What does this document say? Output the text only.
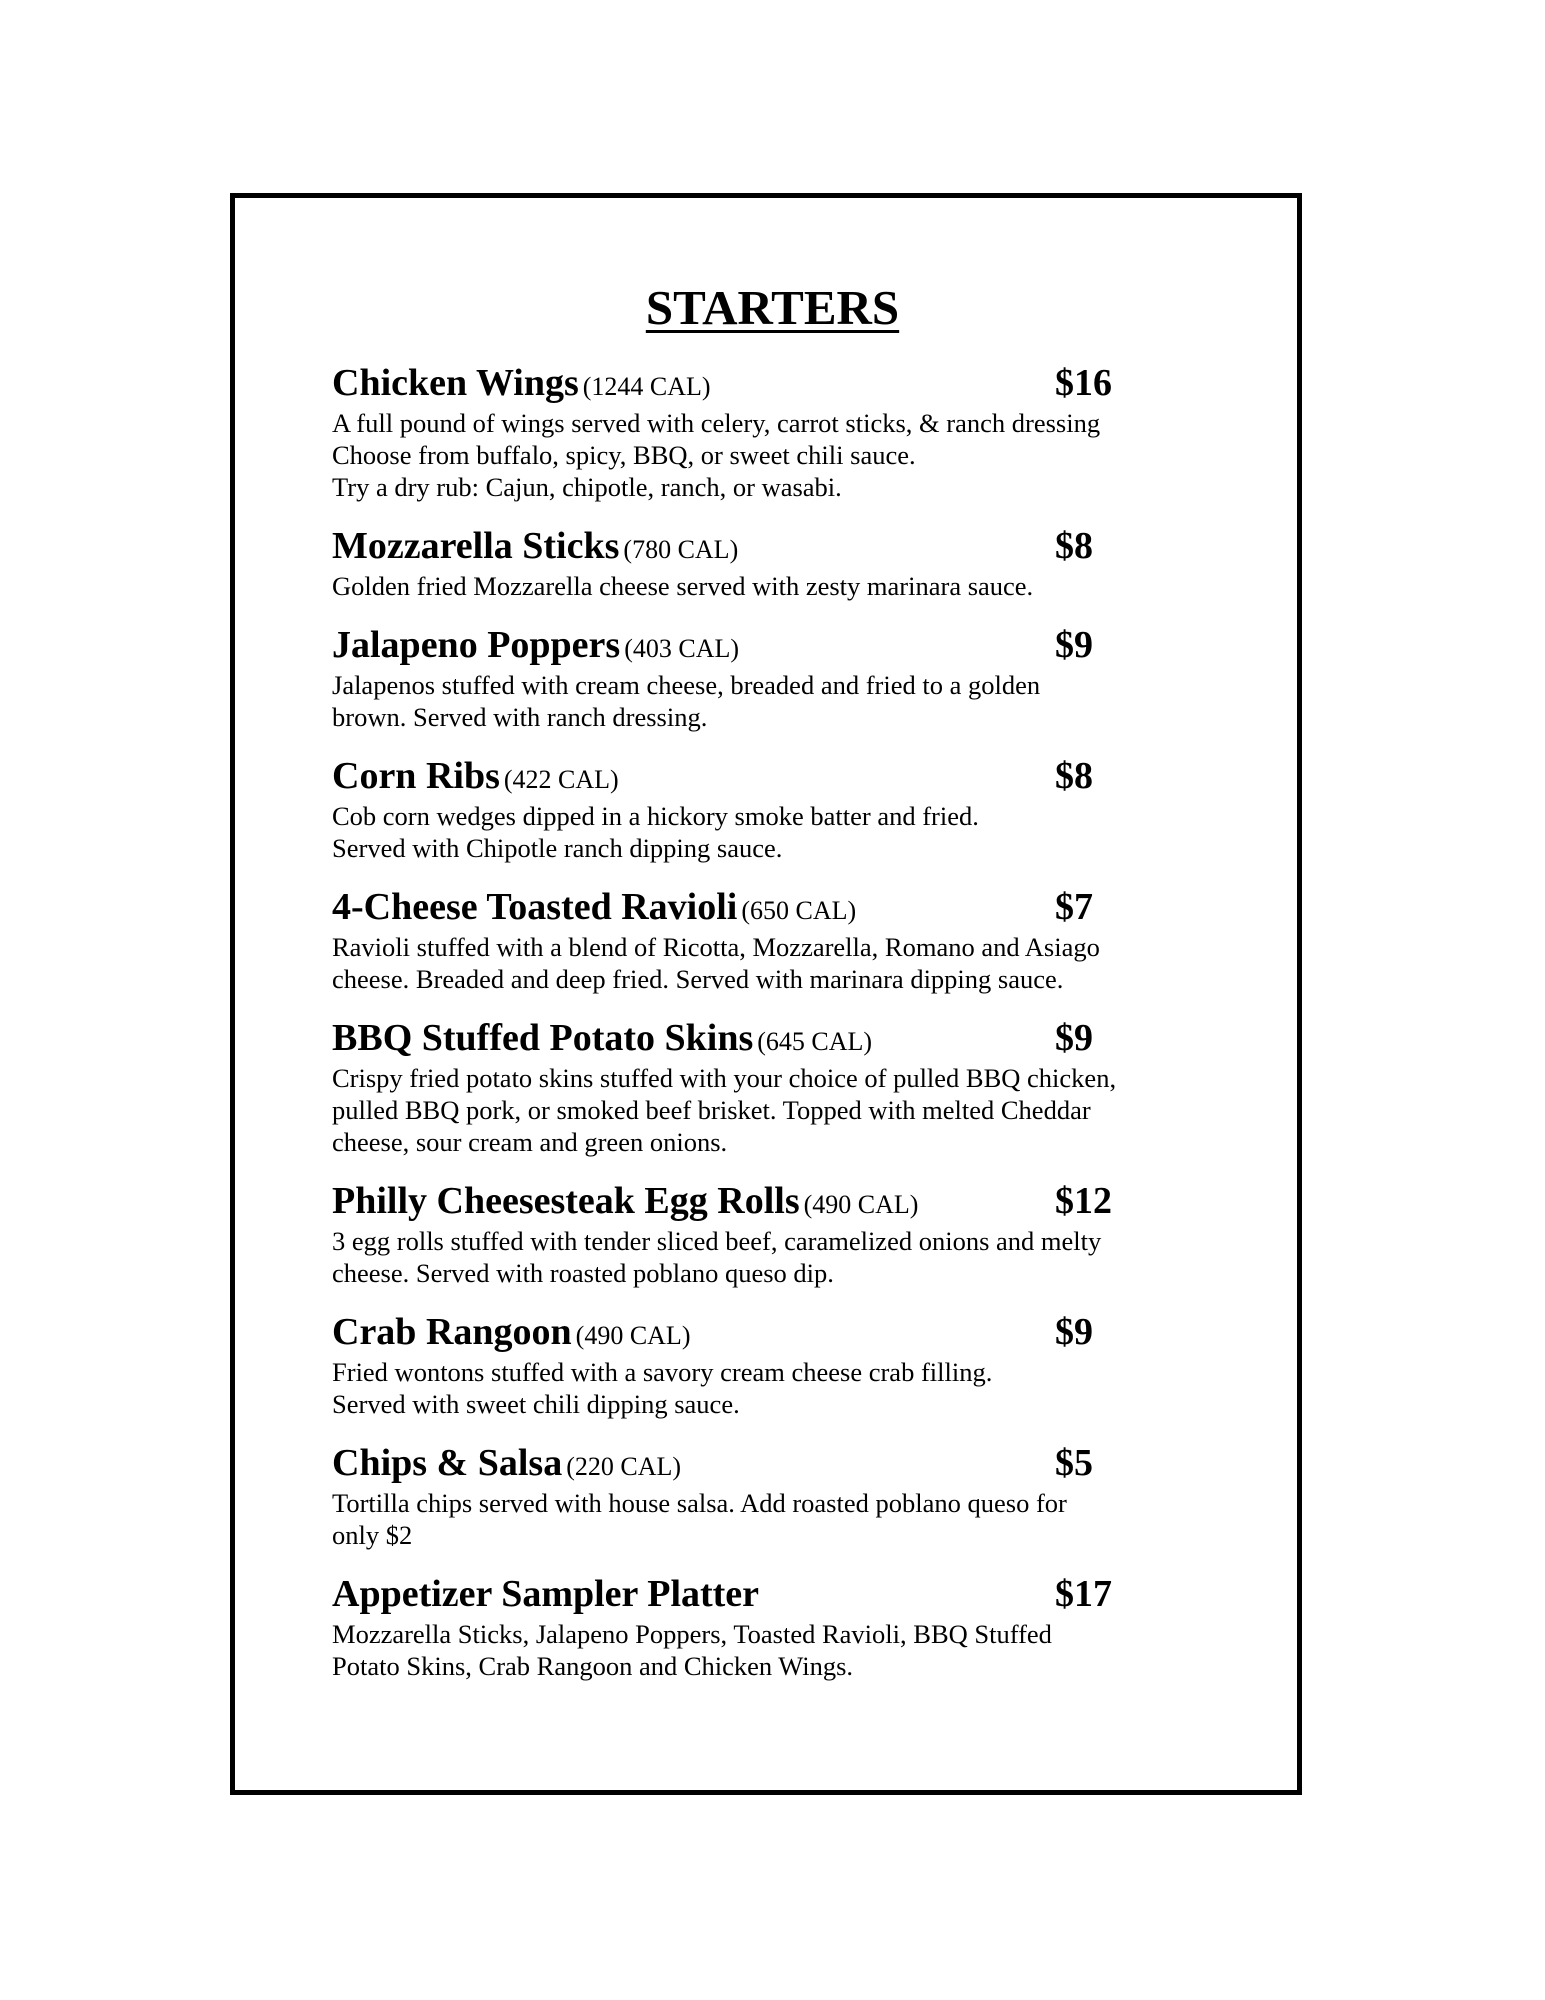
STARTERS
Chicken Wings (1244 CAL)	$16
A full pound of wings served with celery, carrot sticks, & ranch dressing
Choose from buffalo, spicy, BBQ, or sweet chili sauce.
Try a dry rub: Cajun, chipotle, ranch, or wasabi.
Mozzarella Sticks (780 CAL)	$8
Golden fried Mozzarella cheese served with zesty marinara sauce.
Jalapeno Poppers (403 CAL)	$9
Jalapenos stuffed with cream cheese, breaded and fried to a golden
brown. Served with ranch dressing.
Corn Ribs (422 CAL)	$8
Cob corn wedges dipped in a hickory smoke batter and fried.
Served with Chipotle ranch dipping sauce.
4-Cheese Toasted Ravioli (650 CAL)	$7
Ravioli stuffed with a blend of Ricotta, Mozzarella, Romano and Asiago
cheese. Breaded and deep fried. Served with marinara dipping sauce.
BBQ Stuffed Potato Skins (645 CAL)	$9
Crispy fried potato skins stuffed with your choice of pulled BBQ chicken,
pulled BBQ pork, or smoked beef brisket. Topped with melted Cheddar
cheese, sour cream and green onions.
Philly Cheesesteak Egg Rolls (490 CAL)	$12
3 egg rolls stuffed with tender sliced beef, caramelized onions and melty
cheese. Served with roasted poblano queso dip.
Crab Rangoon (490 CAL)	$9
Fried wontons stuffed with a savory cream cheese crab filling.
Served with sweet chili dipping sauce.
Chips & Salsa (220 CAL)	$5
Tortilla chips served with house salsa. Add roasted poblano queso for
only $2
Appetizer Sampler Platter	$17
Mozzarella Sticks, Jalapeno Poppers, Toasted Ravioli, BBQ Stuffed
Potato Skins, Crab Rangoon and Chicken Wings.
